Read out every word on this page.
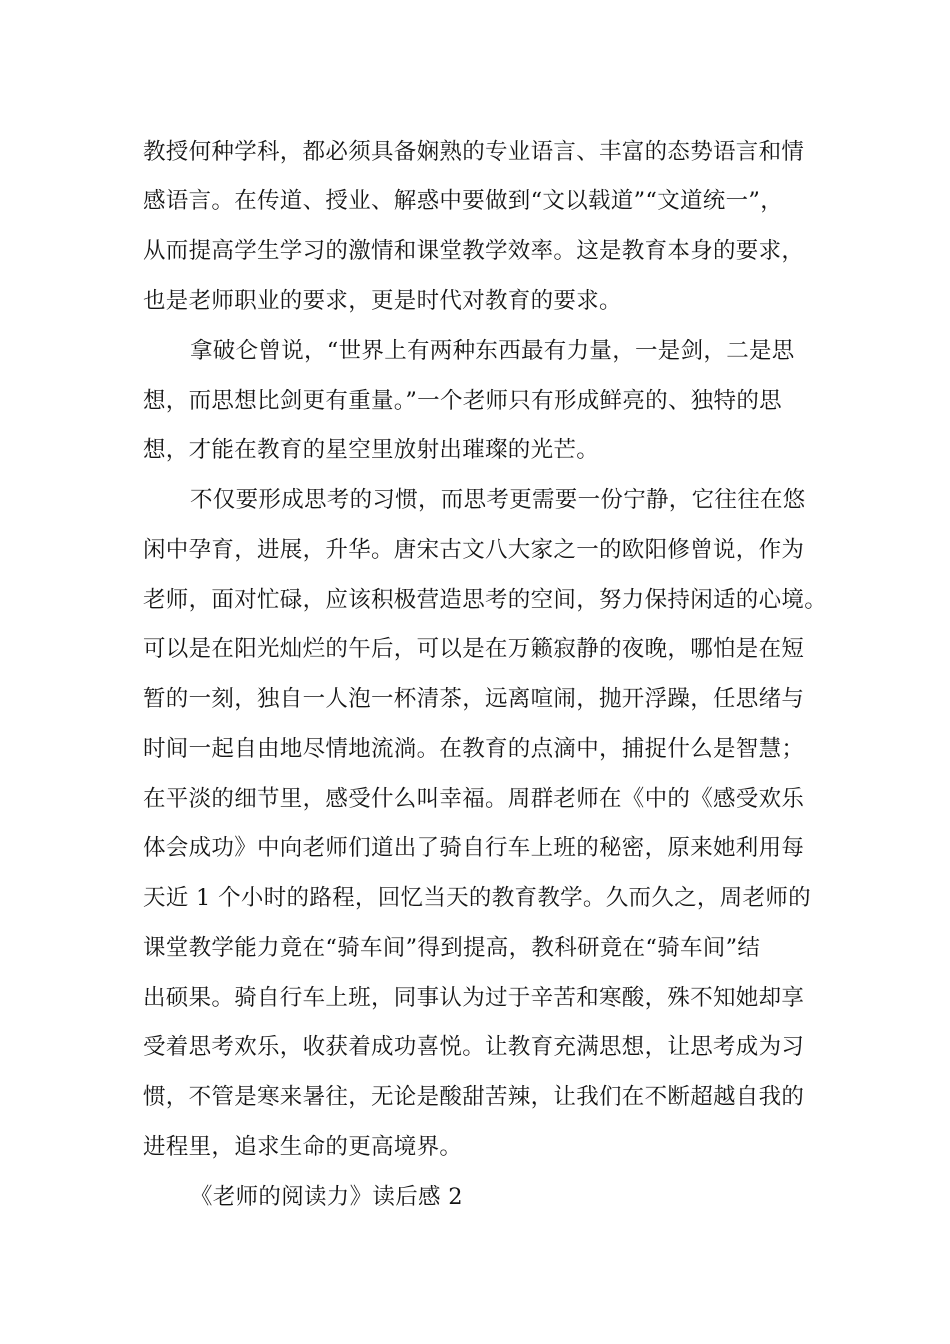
教授何种学科，都必须具备娴熟的专业语言、丰富的态势语言和情
感语言。在传道、授业、解惑中要做到“文以载道”“文道统一”，
从而提高学生学习的激情和课堂教学效率。这是教育本身的要求，
也是老师职业的要求，更是时代对教育的要求。
拿破仑曾说，“世界上有两种东西最有力量，一是剑，二是思
想，而思想比剑更有重量。”一个老师只有形成鲜亮的、独特的思
想，才能在教育的星空里放射出璀璨的光芒。
不仅要形成思考的习惯，而思考更需要一份宁静，它往往在悠
闲中孕育，进展，升华。唐宋古文八大家之一的欧阳修曾说，作为
老师，面对忙碌，应该积极营造思考的空间，努力保持闲适的心境。
可以是在阳光灿烂的午后，可以是在万籁寂静的夜晚，哪怕是在短
暂的一刻，独自一人泡一杯清茶，远离喧闹，抛开浮躁，任思绪与
时间一起自由地尽情地流淌。在教育的点滴中，捕捉什么是智慧；
在平淡的细节里，感受什么叫幸福。周群老师在《中的《感受欢乐
体会成功》中向老师们道出了骑自行车上班的秘密，原来她利用每
天近 1 个小时的路程，回忆当天的教育教学。久而久之，周老师的
课堂教学能力竟在“骑车间”得到提高，教科研竟在“骑车间”结
出硕果。骑自行车上班，同事认为过于辛苦和寒酸，殊不知她却享
受着思考欢乐，收获着成功喜悦。让教育充满思想，让思考成为习
惯，不管是寒来暑往，无论是酸甜苦辣，让我们在不断超越自我的
进程里，追求生命的更高境界。
《老师的阅读力》读后感 2
